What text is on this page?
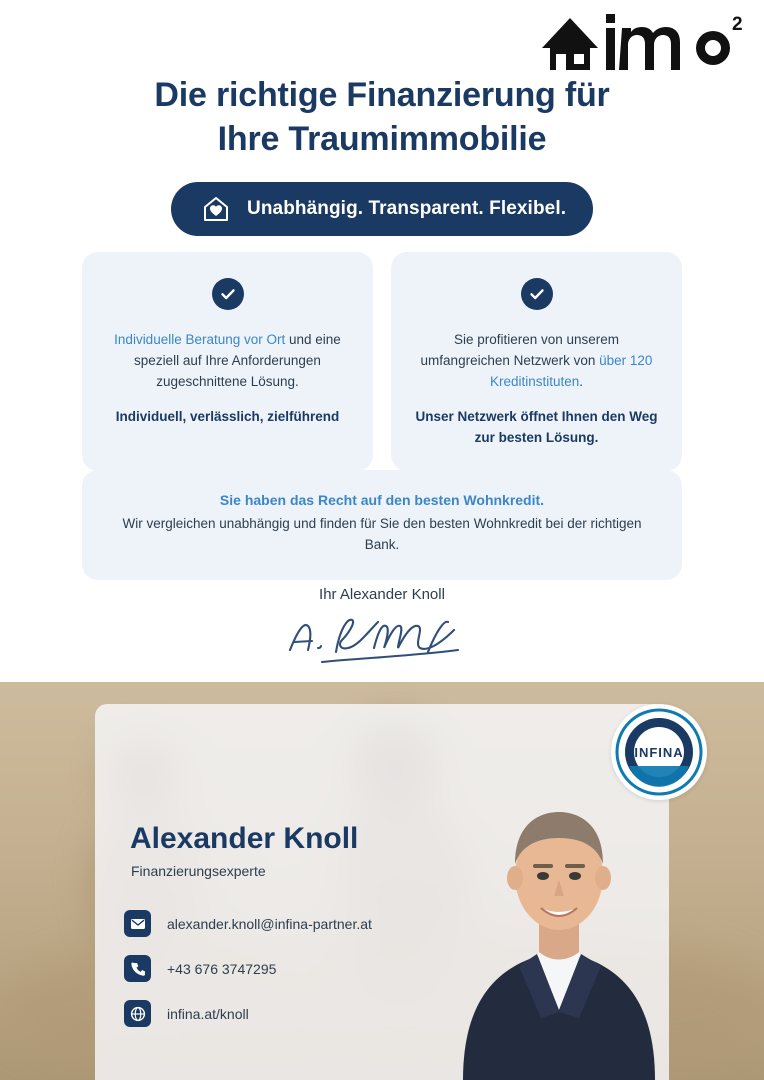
2
Die richtige Finanzierung für
Ihre Traumimmobilie
Unabhängig. Transparent. Flexibel.

Individuelle Beratung vor Ort und eine speziell auf Ihre Anforderungen zugeschnittene Lösung.

Individuell, verlässlich, zielführend

Sie profitieren von unserem umfangreichen Netzwerk von über 120 Kreditinstituten.

Unser Netzwerk öffnet Ihnen den Weg zur besten Lösung.

Sie haben das Recht auf den besten Wohnkredit.
Wir vergleichen unabhängig und finden für Sie den besten Wohnkredit bei der richtigen Bank.
Ihr Alexander Knoll
INFINA
Alexander Knoll
Finanzierungsexperte
alexander.knoll@infina-partner.at
+43 676 3747295
infina.at/knoll
